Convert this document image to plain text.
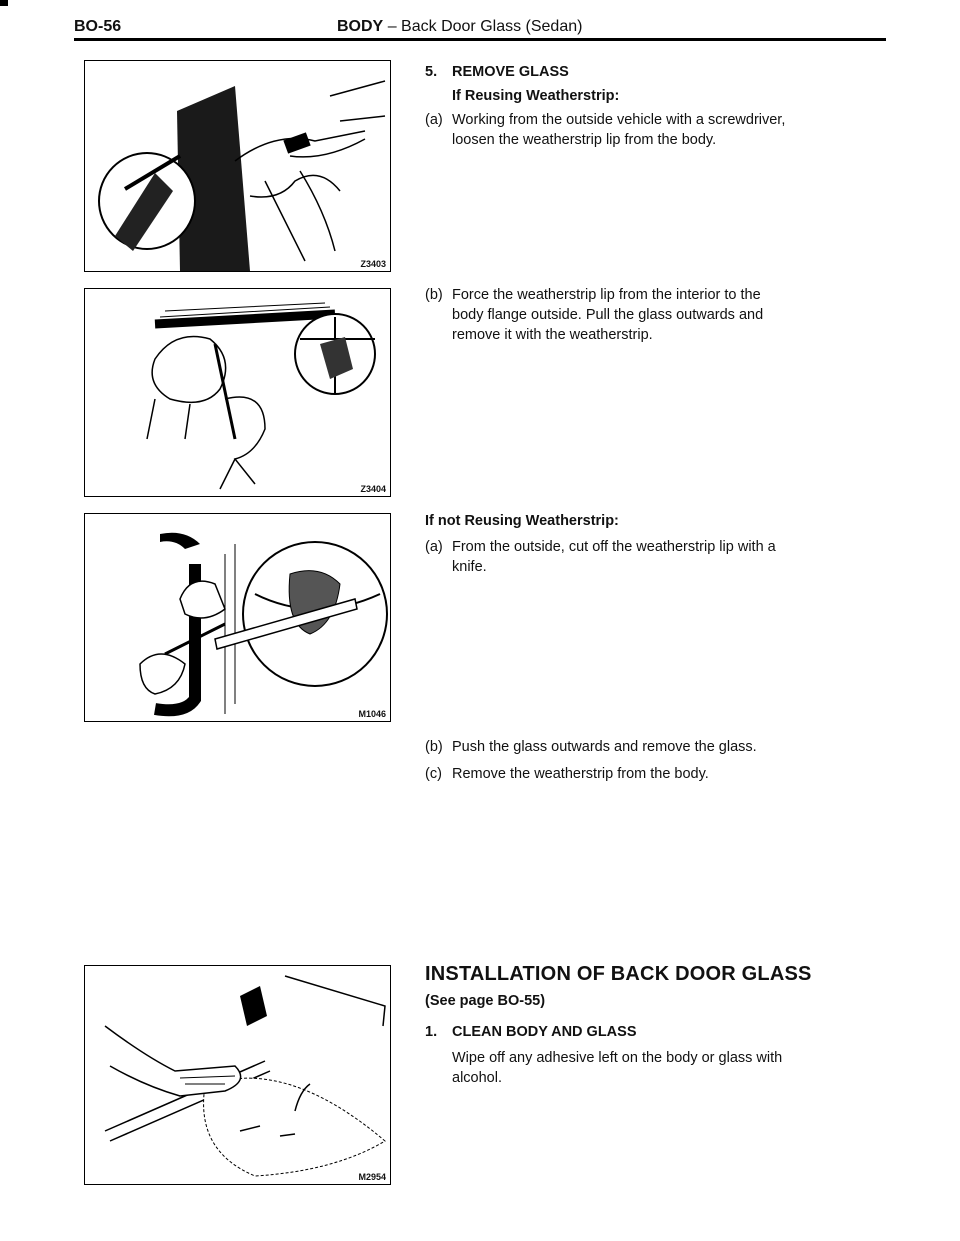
BO-56	BODY – Back Door Glass (Sedan)
Z3403
Z3404
M1046
M2954
5. REMOVE GLASS
If Reusing Weatherstrip:
(a) Working from the outside vehicle with a screwdriver,
loosen the weatherstrip lip from the body.
(b) Force the weatherstrip lip from the interior to the
body flange outside. Pull the glass outwards and
remove it with the weatherstrip.
If not Reusing Weatherstrip:
(a) From the outside, cut off the weatherstrip lip with a
knife.
(b) Push the glass outwards and remove the glass.
(c) Remove the weatherstrip from the body.
INSTALLATION OF BACK DOOR GLASS
(See page BO-55)
1. CLEAN BODY AND GLASS
Wipe off any adhesive left on the body or glass with
alcohol.
